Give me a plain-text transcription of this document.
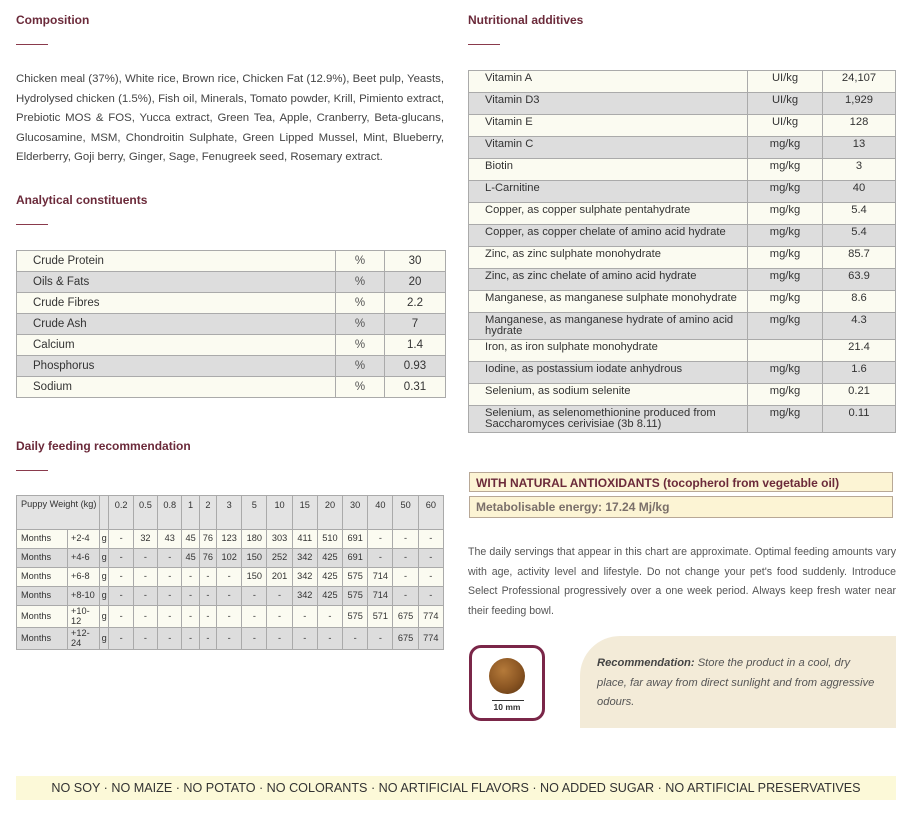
Composition
Chicken meal (37%), White rice, Brown rice, Chicken Fat (12.9%), Beet pulp, Yeasts, Hydrolysed chicken (1.5%), Fish oil, Minerals, Tomato powder, Krill, Pimiento extract, Prebiotic MOS & FOS, Yucca extract, Green Tea, Apple, Cranberry, Beta-glucans, Glucosamine, MSM, Chondroitin Sulphate, Green Lipped Mussel, Mint, Blueberry, Elderberry, Goji berry, Ginger, Sage, Fenugreek seed, Rosemary extract.
Analytical constituents
Crude Protein	%	30
Oils & Fats	%	20
Crude Fibres	%	2.2
Crude Ash	%	7
Calcium	%	1.4
Phosphorus	%	0.93
Sodium	%	0.31
Daily feeding recommendation
Puppy Weight (kg)			0.2	0.5	0.8	1	2	3	5	10	15	20	30	40	50	60
Months	+2-4	g	-	32	43	45	76	123	180	303	411	510	691	-	-	-
Months	+4-6	g	-	-	-	45	76	102	150	252	342	425	691	-	-	-
Months	+6-8	g	-	-	-	-	-	-	150	201	342	425	575	714	-	-
Months	+8-10	g	-	-	-	-	-	-	-	-	342	425	575	714	-	-
Months	+10-12	g	-	-	-	-	-	-	-	-	-	-	575	571	675	774
Months	+12-24	g	-	-	-	-	-	-	-	-	-	-	-	-	675	774
Nutritional additives
Vitamin A	UI/kg	24,107
Vitamin D3	UI/kg	1,929
Vitamin E	UI/kg	128
Vitamin C	mg/kg	13
Biotin	mg/kg	3
L-Carnitine	mg/kg	40
Copper, as copper sulphate pentahydrate	mg/kg	5.4
Copper, as copper chelate of amino acid hydrate	mg/kg	5.4
Zinc, as zinc sulphate monohydrate	mg/kg	85.7
Zinc, as zinc chelate of amino acid hydrate	mg/kg	63.9
Manganese, as manganese sulphate monohydrate	mg/kg	8.6
Manganese, as manganese hydrate of amino acid hydrate	mg/kg	4.3
Iron, as iron sulphate monohydrate		21.4
Iodine, as postassium iodate anhydrous	mg/kg	1.6
Selenium, as sodium selenite	mg/kg	0.21
Selenium, as selenomethionine produced from Saccharomyces cerivisiae (3b 8.11)	mg/kg	0.11
WITH NATURAL ANTIOXIDANTS (tocopherol from vegetable oil)
Metabolisable energy: 17.24 Mj/kg
The daily servings that appear in this chart are approximate. Optimal feeding amounts vary with age, activity level and lifestyle. Do not change your pet's food suddenly. Introduce Select Professional progressively over a one week period. Always keep fresh water near their feeding bowl.
10 mm

Recommendation: Store the product in a cool, dry place, far away from direct sunlight and from aggressive odours.

NO SOY · NO MAIZE · NO POTATO · NO COLORANTS · NO ARTIFICIAL FLAVORS · NO ADDED SUGAR · NO ARTIFICIAL PRESERVATIVES
